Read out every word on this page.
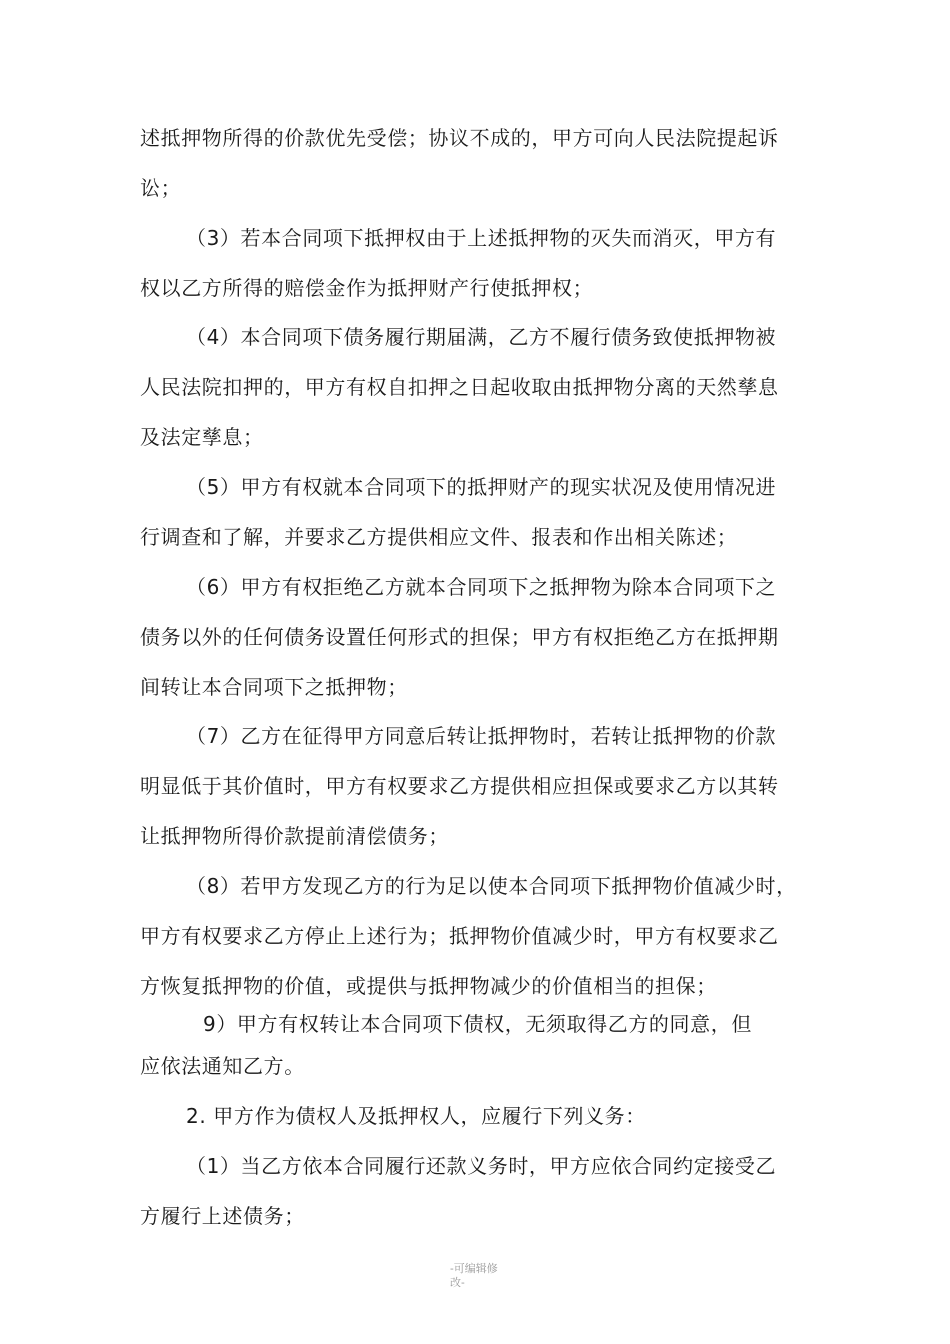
述抵押物所得的价款优先受偿；协议不成的，甲方可向人民法院提起诉
讼；
（3）若本合同项下抵押权由于上述抵押物的灭失而消灭，甲方有
权以乙方所得的赔偿金作为抵押财产行使抵押权；
（4）本合同项下债务履行期届满，乙方不履行债务致使抵押物被
人民法院扣押的，甲方有权自扣押之日起收取由抵押物分离的天然孳息
及法定孳息；
（5）甲方有权就本合同项下的抵押财产的现实状况及使用情况进
行调查和了解，并要求乙方提供相应文件、报表和作出相关陈述；
（6）甲方有权拒绝乙方就本合同项下之抵押物为除本合同项下之
债务以外的任何债务设置任何形式的担保；甲方有权拒绝乙方在抵押期
间转让本合同项下之抵押物；
（7）乙方在征得甲方同意后转让抵押物时，若转让抵押物的价款
明显低于其价值时，甲方有权要求乙方提供相应担保或要求乙方以其转
让抵押物所得价款提前清偿债务；
（8）若甲方发现乙方的行为足以使本合同项下抵押物价值减少时，
甲方有权要求乙方停止上述行为；抵押物价值减少时，甲方有权要求乙
方恢复抵押物的价值，或提供与抵押物减少的价值相当的担保；
9）甲方有权转让本合同项下债权，无须取得乙方的同意，但
应依法通知乙方。
2. 甲方作为债权人及抵押权人，应履行下列义务：
（1）当乙方依本合同履行还款义务时，甲方应依合同约定接受乙
方履行上述债务；
-可编辑修
改-
